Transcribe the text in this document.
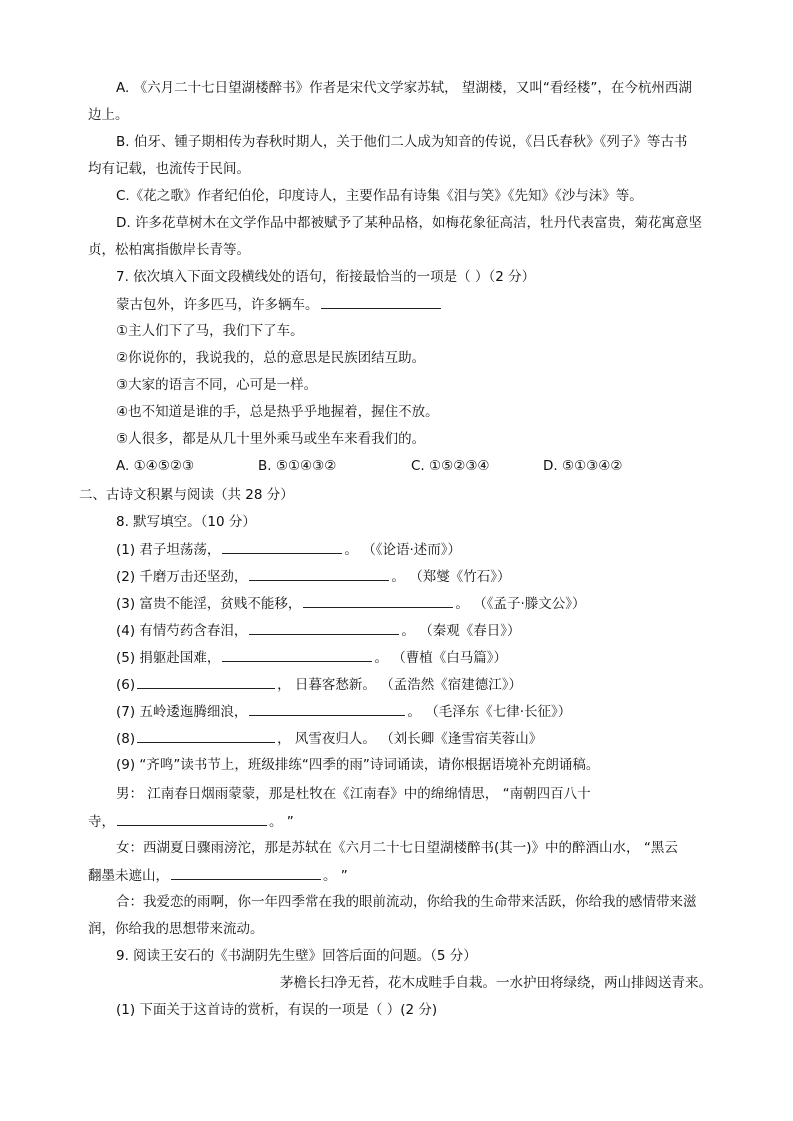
A. 《六月二十七日望湖楼醉书》作者是宋代文学家苏轼， 望湖楼，又叫“看经楼”，在今杭州西湖
边上。
B. 伯牙、锺子期相传为春秋时期人，关于他们二人成为知音的传说，《吕氏春秋》《列子》等古书
均有记载，也流传于民间。
C.《花之歌》作者纪伯伦，印度诗人，主要作品有诗集《泪与笑》《先知》《沙与沫》等。
D. 许多花草树木在文学作品中都被赋予了某种品格，如梅花象征高洁，牡丹代表富贵，菊花寓意坚
贞，松柏寓指傲岸长青等。
7. 依次填入下面文段横线处的语句，衔接最恰当的一项是（ ）（2 分）
蒙古包外，许多匹马，许多辆车。
①主人们下了马，我们下了车。
②你说你的，我说我的，总的意思是民族团结互助。
③大家的语言不同，心可是一样。
④也不知道是谁的手，总是热乎乎地握着，握住不放。
⑤人很多，都是从几十里外乘马或坐车来看我们的。
A. ①④⑤②③	B. ⑤①④③②	C. ①⑤②③④	D. ⑤①③④②
二、古诗文积累与阅读（共 28 分）
8. 默写填空。（10 分）
(1) 君子坦荡荡，	。 （《论语·述而》）
(2) 千磨万击还坚劲，	。 （郑燮《竹石》）
(3) 富贵不能淫，贫贱不能移，	。 （《孟子·滕文公》）
(4) 有情芍药含春泪，	。 （秦观《春日》）
(5) 捐躯赴国难，	。 （曹植《白马篇》）
(6)	， 日暮客愁新。 （孟浩然《宿建德江》）
(7) 五岭逶迤腾细浪，	。 （毛泽东《七律·长征》）
(8)	， 风雪夜归人。 （刘长卿《逢雪宿芙蓉山》
(9) “齐鸣”读书节上，班级排练“四季的雨”诗词诵读，请你根据语境补充朗诵稿。
男： 江南春日烟雨蒙蒙，那是杜牧在《江南春》中的绵绵情思， “南朝四百八十
寺，	。 ”
女：西湖夏日骤雨滂沱，那是苏轼在《六月二十七日望湖楼醉书(其一)》中的醉酒山水， “黑云
翻墨未遮山，	。 ”
合：我爱恋的雨啊，你一年四季常在我的眼前流动，你给我的生命带来活跃，你给我的感情带来滋
润，你给我的思想带来流动。
9. 阅读王安石的《书湖阴先生壁》回答后面的问题。（5 分）
茅檐长扫净无苔，花木成畦手自栽。一水护田将绿绕，两山排闼送青来。
(1) 下面关于这首诗的赏析，有误的一项是（ ）(2 分)
